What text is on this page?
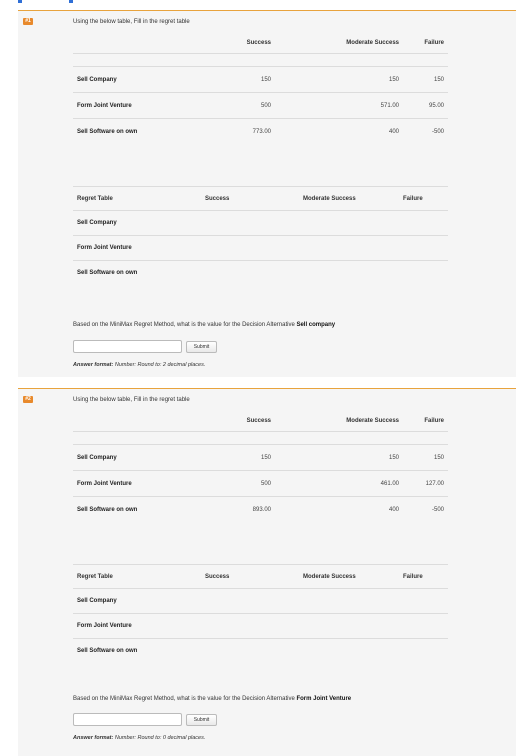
#1	Using the below table, Fill in the regret table
	Success	Moderate Success	Failure

Sell Company	150	150	150
Form Joint Venture	500	571.00	95.00
Sell Software on own	773.00	400	-500
Regret Table	Success	Moderate Success	Failure
Sell Company
Form Joint Venture
Sell Software on own
Based on the MiniMax Regret Method, what is the value for the Decision Alternative Sell company
Submit
Answer format: Number: Round to: 2 decimal places.
#2	Using the below table, Fill in the regret table
	Success	Moderate Success	Failure

Sell Company	150	150	150
Form Joint Venture	500	461.00	127.00
Sell Software on own	893.00	400	-500
Regret Table	Success	Moderate Success	Failure
Sell Company
Form Joint Venture
Sell Software on own
Based on the MiniMax Regret Method, what is the value for the Decision Alternative Form Joint Venture
Submit
Answer format: Number: Round to: 0 decimal places.
